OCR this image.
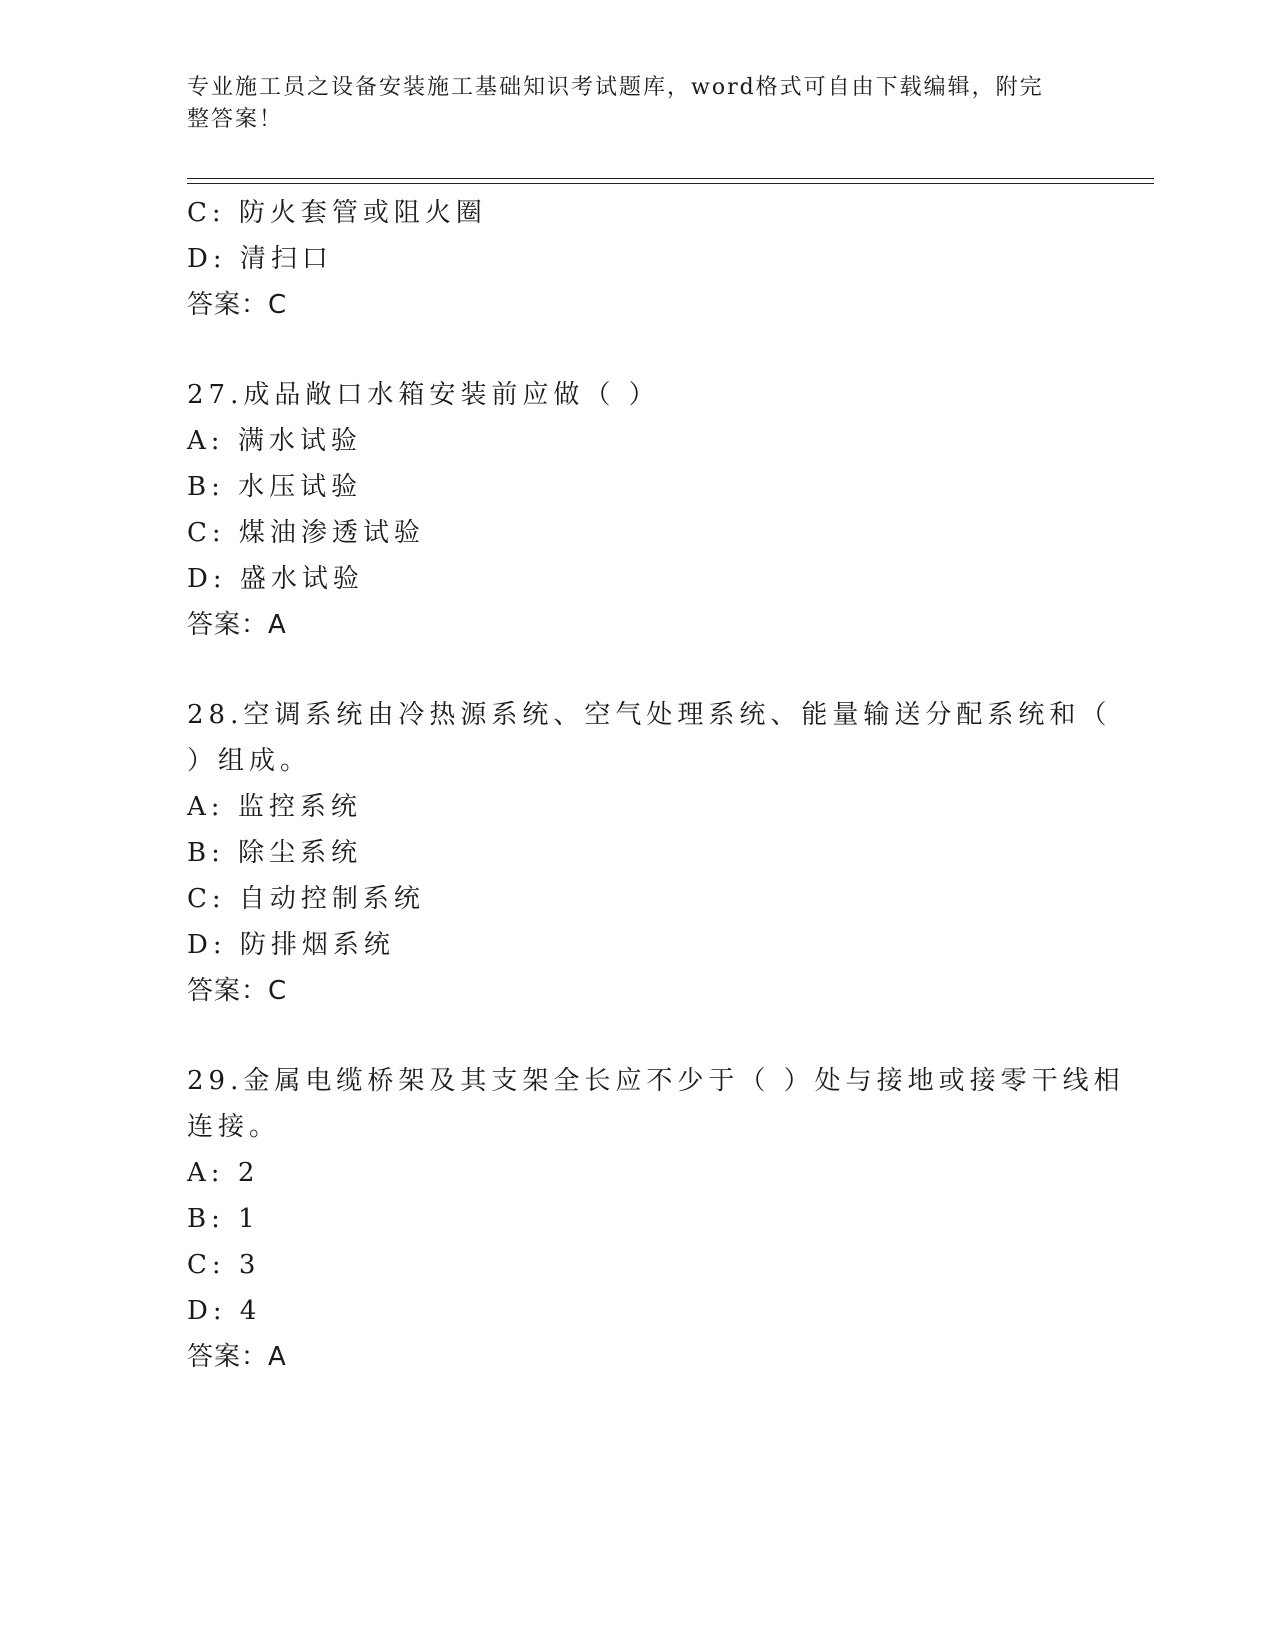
专业施工员之设备安装施工基础知识考试题库，word格式可自由下载编辑，附完
整答案！
C: 防火套管或阻火圈
D: 清扫口
答案：C
27.成品敞口水箱安装前应做（ ）
A: 满水试验
B: 水压试验
C: 煤油渗透试验
D: 盛水试验
答案：A
28.空调系统由冷热源系统、空气处理系统、能量输送分配系统和（
）组成。
A: 监控系统
B: 除尘系统
C: 自动控制系统
D: 防排烟系统
答案：C
29.金属电缆桥架及其支架全长应不少于（ ）处与接地或接零干线相
连接。
A: 2
B: 1
C: 3
D: 4
答案：A
